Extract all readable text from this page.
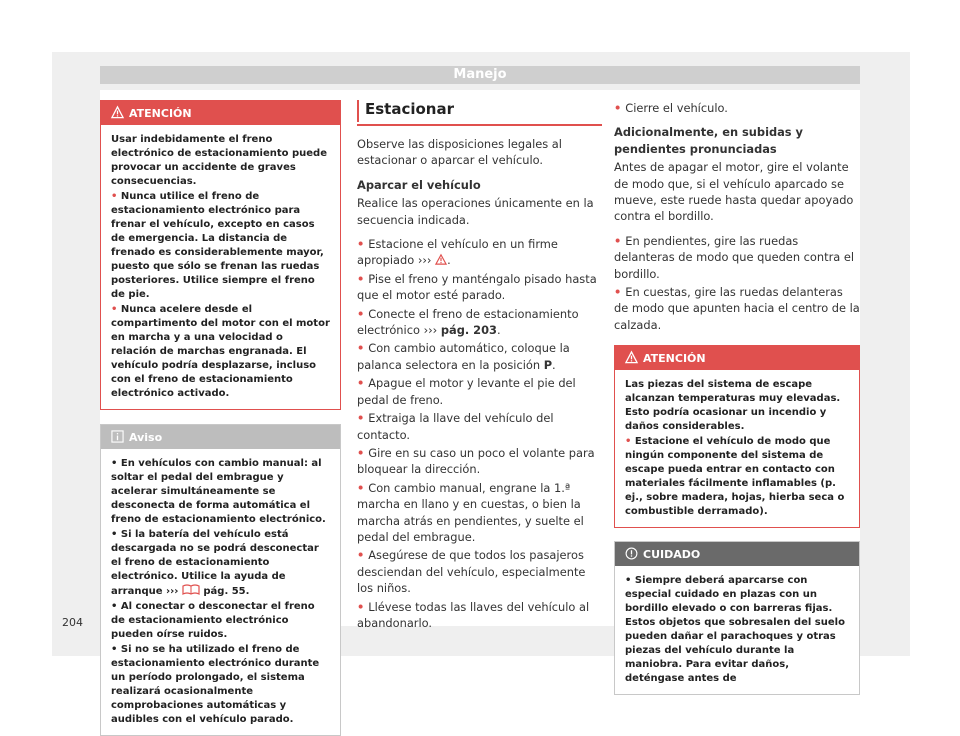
Manejo
ATENCIÓN

Usar indebidamente el freno electrónico de estacionamiento puede provocar un accidente de graves consecuencias.

• Nunca utilice el freno de estacionamiento electrónico para frenar el vehículo, excepto en casos de emergencia. La distancia de frenado es considerablemente mayor, puesto que sólo se frenan las ruedas posteriores. Utilice siempre el freno de pie.

• Nunca acelere desde el compartimento del motor con el motor en marcha y a una velocidad o relación de marchas engranada. El vehículo podría desplazarse, incluso con el freno de estacionamiento electrónico activado.

Aviso

• En vehículos con cambio manual: al soltar el pedal del embrague y acelerar simultáneamente se desconecta de forma automática el freno de estacionamiento electrónico.

• Si la batería del vehículo está descargada no se podrá desconectar el freno de estacionamiento electrónico. Utilice la ayuda de arranque ››› pág. 55.

• Al conectar o desconectar el freno de estacionamiento electrónico pueden oírse ruidos.

• Si no se ha utilizado el freno de estacionamiento electrónico durante un período prolongado, el sistema realizará ocasionalmente comprobaciones automáticas y audibles con el vehículo parado.

Estacionar

Observe las disposiciones legales al estacionar o aparcar el vehículo.

Aparcar el vehículo

Realice las operaciones únicamente en la secuencia indicada.

• Estacione el vehículo en un firme apropiado ››› .

• Pise el freno y manténgalo pisado hasta que el motor esté parado.

• Conecte el freno de estacionamiento electrónico ››› pág. 203.

• Con cambio automático, coloque la palanca selectora en la posición P.

• Apague el motor y levante el pie del pedal de freno.

• Extraiga la llave del vehículo del contacto.

• Gire en su caso un poco el volante para bloquear la dirección.

• Con cambio manual, engrane la 1.ª marcha en llano y en cuestas, o bien la marcha atrás en pendientes, y suelte el pedal del embrague.

• Asegúrese de que todos los pasajeros desciendan del vehículo, especialmente los niños.

• Llévese todas las llaves del vehículo al abandonarlo.

• Cierre el vehículo.

Adicionalmente, en subidas y pendientes pronunciadas

Antes de apagar el motor, gire el volante de modo que, si el vehículo aparcado se mueve, este ruede hasta quedar apoyado contra el bordillo.

• En pendientes, gire las ruedas delanteras de modo que queden contra el bordillo.

• En cuestas, gire las ruedas delanteras de modo que apunten hacia el centro de la calzada.

ATENCIÓN

Las piezas del sistema de escape alcanzan temperaturas muy elevadas. Esto podría ocasionar un incendio y daños considerables.

• Estacione el vehículo de modo que ningún componente del sistema de escape pueda entrar en contacto con materiales fácilmente inflamables (p. ej., sobre madera, hojas, hierba seca o combustible derramado).

CUIDADO

• Siempre deberá aparcarse con especial cuidado en plazas con un bordillo elevado o con barreras fijas. Estos objetos que sobresalen del suelo pueden dañar el parachoques y otras piezas del vehículo durante la maniobra. Para evitar daños, deténgase antes de

204
